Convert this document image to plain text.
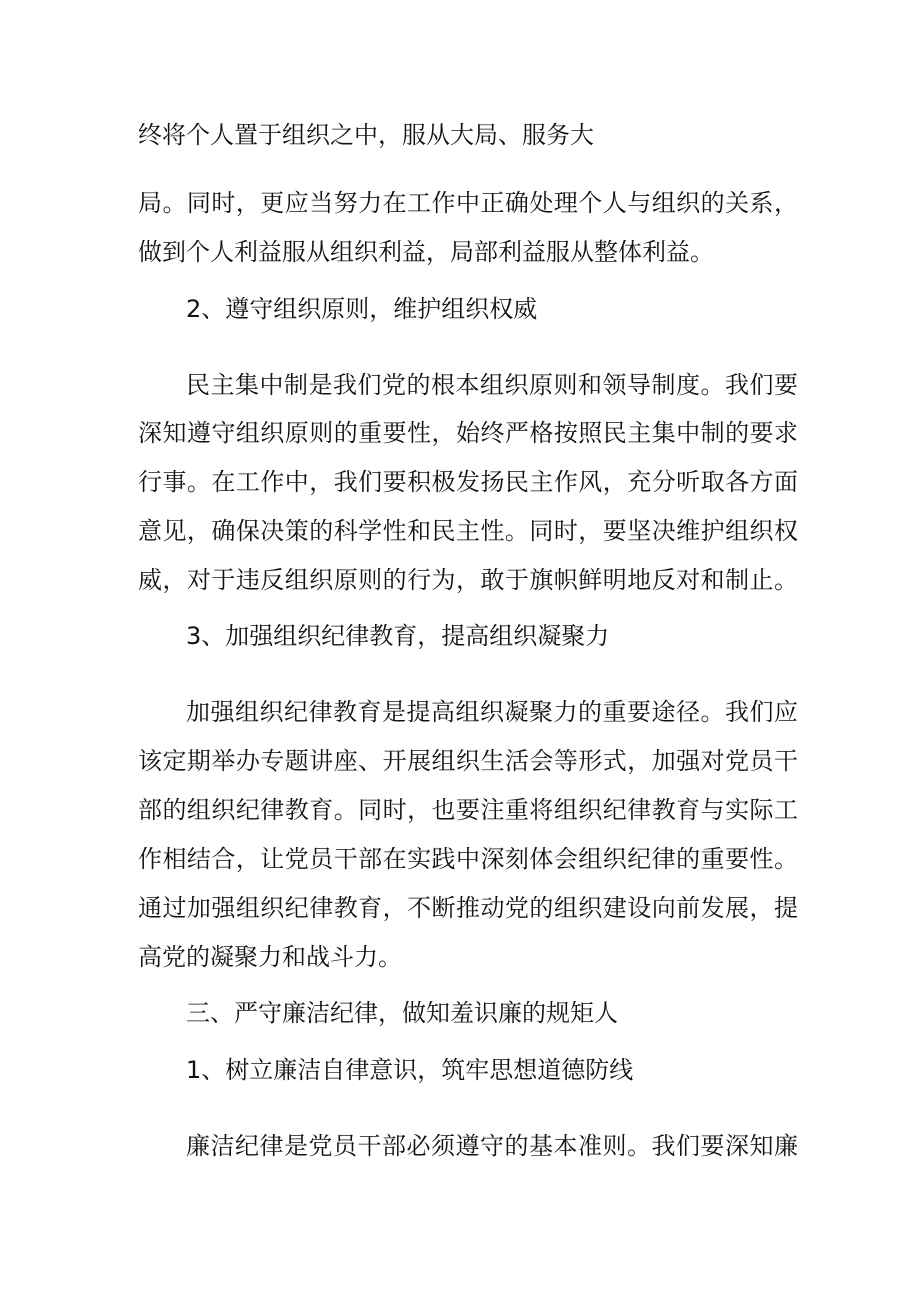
终将个人置于组织之中，服从大局、服务大
局。同时，更应当努力在工作中正确处理个人与组织的关系，
做到个人利益服从组织利益，局部利益服从整体利益。
2、遵守组织原则，维护组织权威
民主集中制是我们党的根本组织原则和领导制度。我们要
深知遵守组织原则的重要性，始终严格按照民主集中制的要求
行事。在工作中，我们要积极发扬民主作风，充分听取各方面
意见，确保决策的科学性和民主性。同时，要坚决维护组织权
威，对于违反组织原则的行为，敢于旗帜鲜明地反对和制止。
3、加强组织纪律教育，提高组织凝聚力
加强组织纪律教育是提高组织凝聚力的重要途径。我们应
该定期举办专题讲座、开展组织生活会等形式，加强对党员干
部的组织纪律教育。同时，也要注重将组织纪律教育与实际工
作相结合，让党员干部在实践中深刻体会组织纪律的重要性。
通过加强组织纪律教育，不断推动党的组织建设向前发展，提
高党的凝聚力和战斗力。
三、严守廉洁纪律，做知羞识廉的规矩人
1、树立廉洁自律意识，筑牢思想道德防线
廉洁纪律是党员干部必须遵守的基本准则。我们要深知廉
